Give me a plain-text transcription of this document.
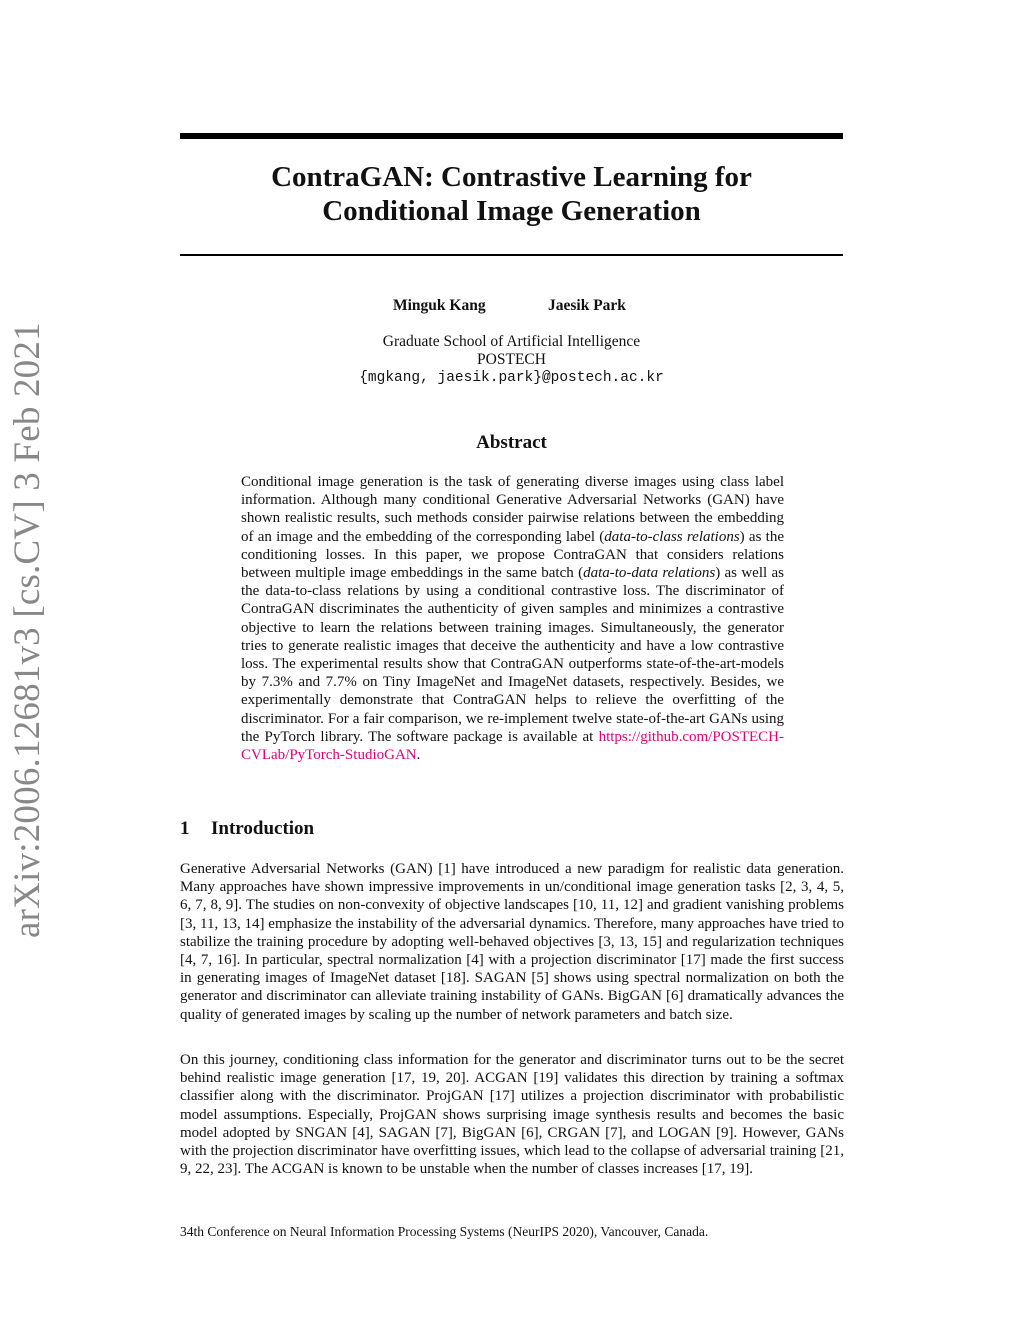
arXiv:2006.12681v3 [cs.CV] 3 Feb 2021
ContraGAN: Contrastive Learning for
Conditional Image Generation
Minguk Kang	Jaesik Park
Graduate School of Artificial Intelligence
POSTECH
{mgkang, jaesik.park}@postech.ac.kr
Abstract

Conditional image generation is the task of generating diverse images using class label information. Although many conditional Generative Adversarial Networks (GAN) have shown realistic results, such methods consider pairwise relations between the embedding of an image and the embedding of the corresponding label (data-to-class relations) as the conditioning losses. In this paper, we propose ContraGAN that considers relations between multiple image embeddings in the same batch (data-to-data relations) as well as the data-to-class relations by using a conditional contrastive loss. The discriminator of ContraGAN discriminates the authenticity of given samples and minimizes a contrastive objective to learn the relations between training images. Simultaneously, the generator tries to generate realistic images that deceive the authenticity and have a low contrastive loss. The experimental results show that ContraGAN outperforms state-of-the-art-models by 7.3% and 7.7% on Tiny ImageNet and ImageNet datasets, respectively. Besides, we experimentally demonstrate that ContraGAN helps to relieve the overfitting of the discriminator. For a fair comparison, we re-implement twelve state-of-the-art GANs using the PyTorch library. The software package is available at https://github.com/POSTECH-CVLab/PyTorch-StudioGAN.

1 Introduction

Generative Adversarial Networks (GAN) [1] have introduced a new paradigm for realistic data generation. Many approaches have shown impressive improvements in un/conditional image generation tasks [2, 3, 4, 5, 6, 7, 8, 9]. The studies on non-convexity of objective landscapes [10, 11, 12] and gradient vanishing problems [3, 11, 13, 14] emphasize the instability of the adversarial dynamics. Therefore, many approaches have tried to stabilize the training procedure by adopting well-behaved objectives [3, 13, 15] and regularization techniques [4, 7, 16]. In particular, spectral normalization [4] with a projection discriminator [17] made the first success in generating images of ImageNet dataset [18]. SAGAN [5] shows using spectral normalization on both the generator and discriminator can alleviate training instability of GANs. BigGAN [6] dramatically advances the quality of generated images by scaling up the number of network parameters and batch size.

On this journey, conditioning class information for the generator and discriminator turns out to be the secret behind realistic image generation [17, 19, 20]. ACGAN [19] validates this direction by training a softmax classifier along with the discriminator. ProjGAN [17] utilizes a projection discriminator with probabilistic model assumptions. Especially, ProjGAN shows surprising image synthesis results and becomes the basic model adopted by SNGAN [4], SAGAN [7], BigGAN [6], CRGAN [7], and LOGAN [9]. However, GANs with the projection discriminator have overfitting issues, which lead to the collapse of adversarial training [21, 9, 22, 23]. The ACGAN is known to be unstable when the number of classes increases [17, 19].

34th Conference on Neural Information Processing Systems (NeurIPS 2020), Vancouver, Canada.
